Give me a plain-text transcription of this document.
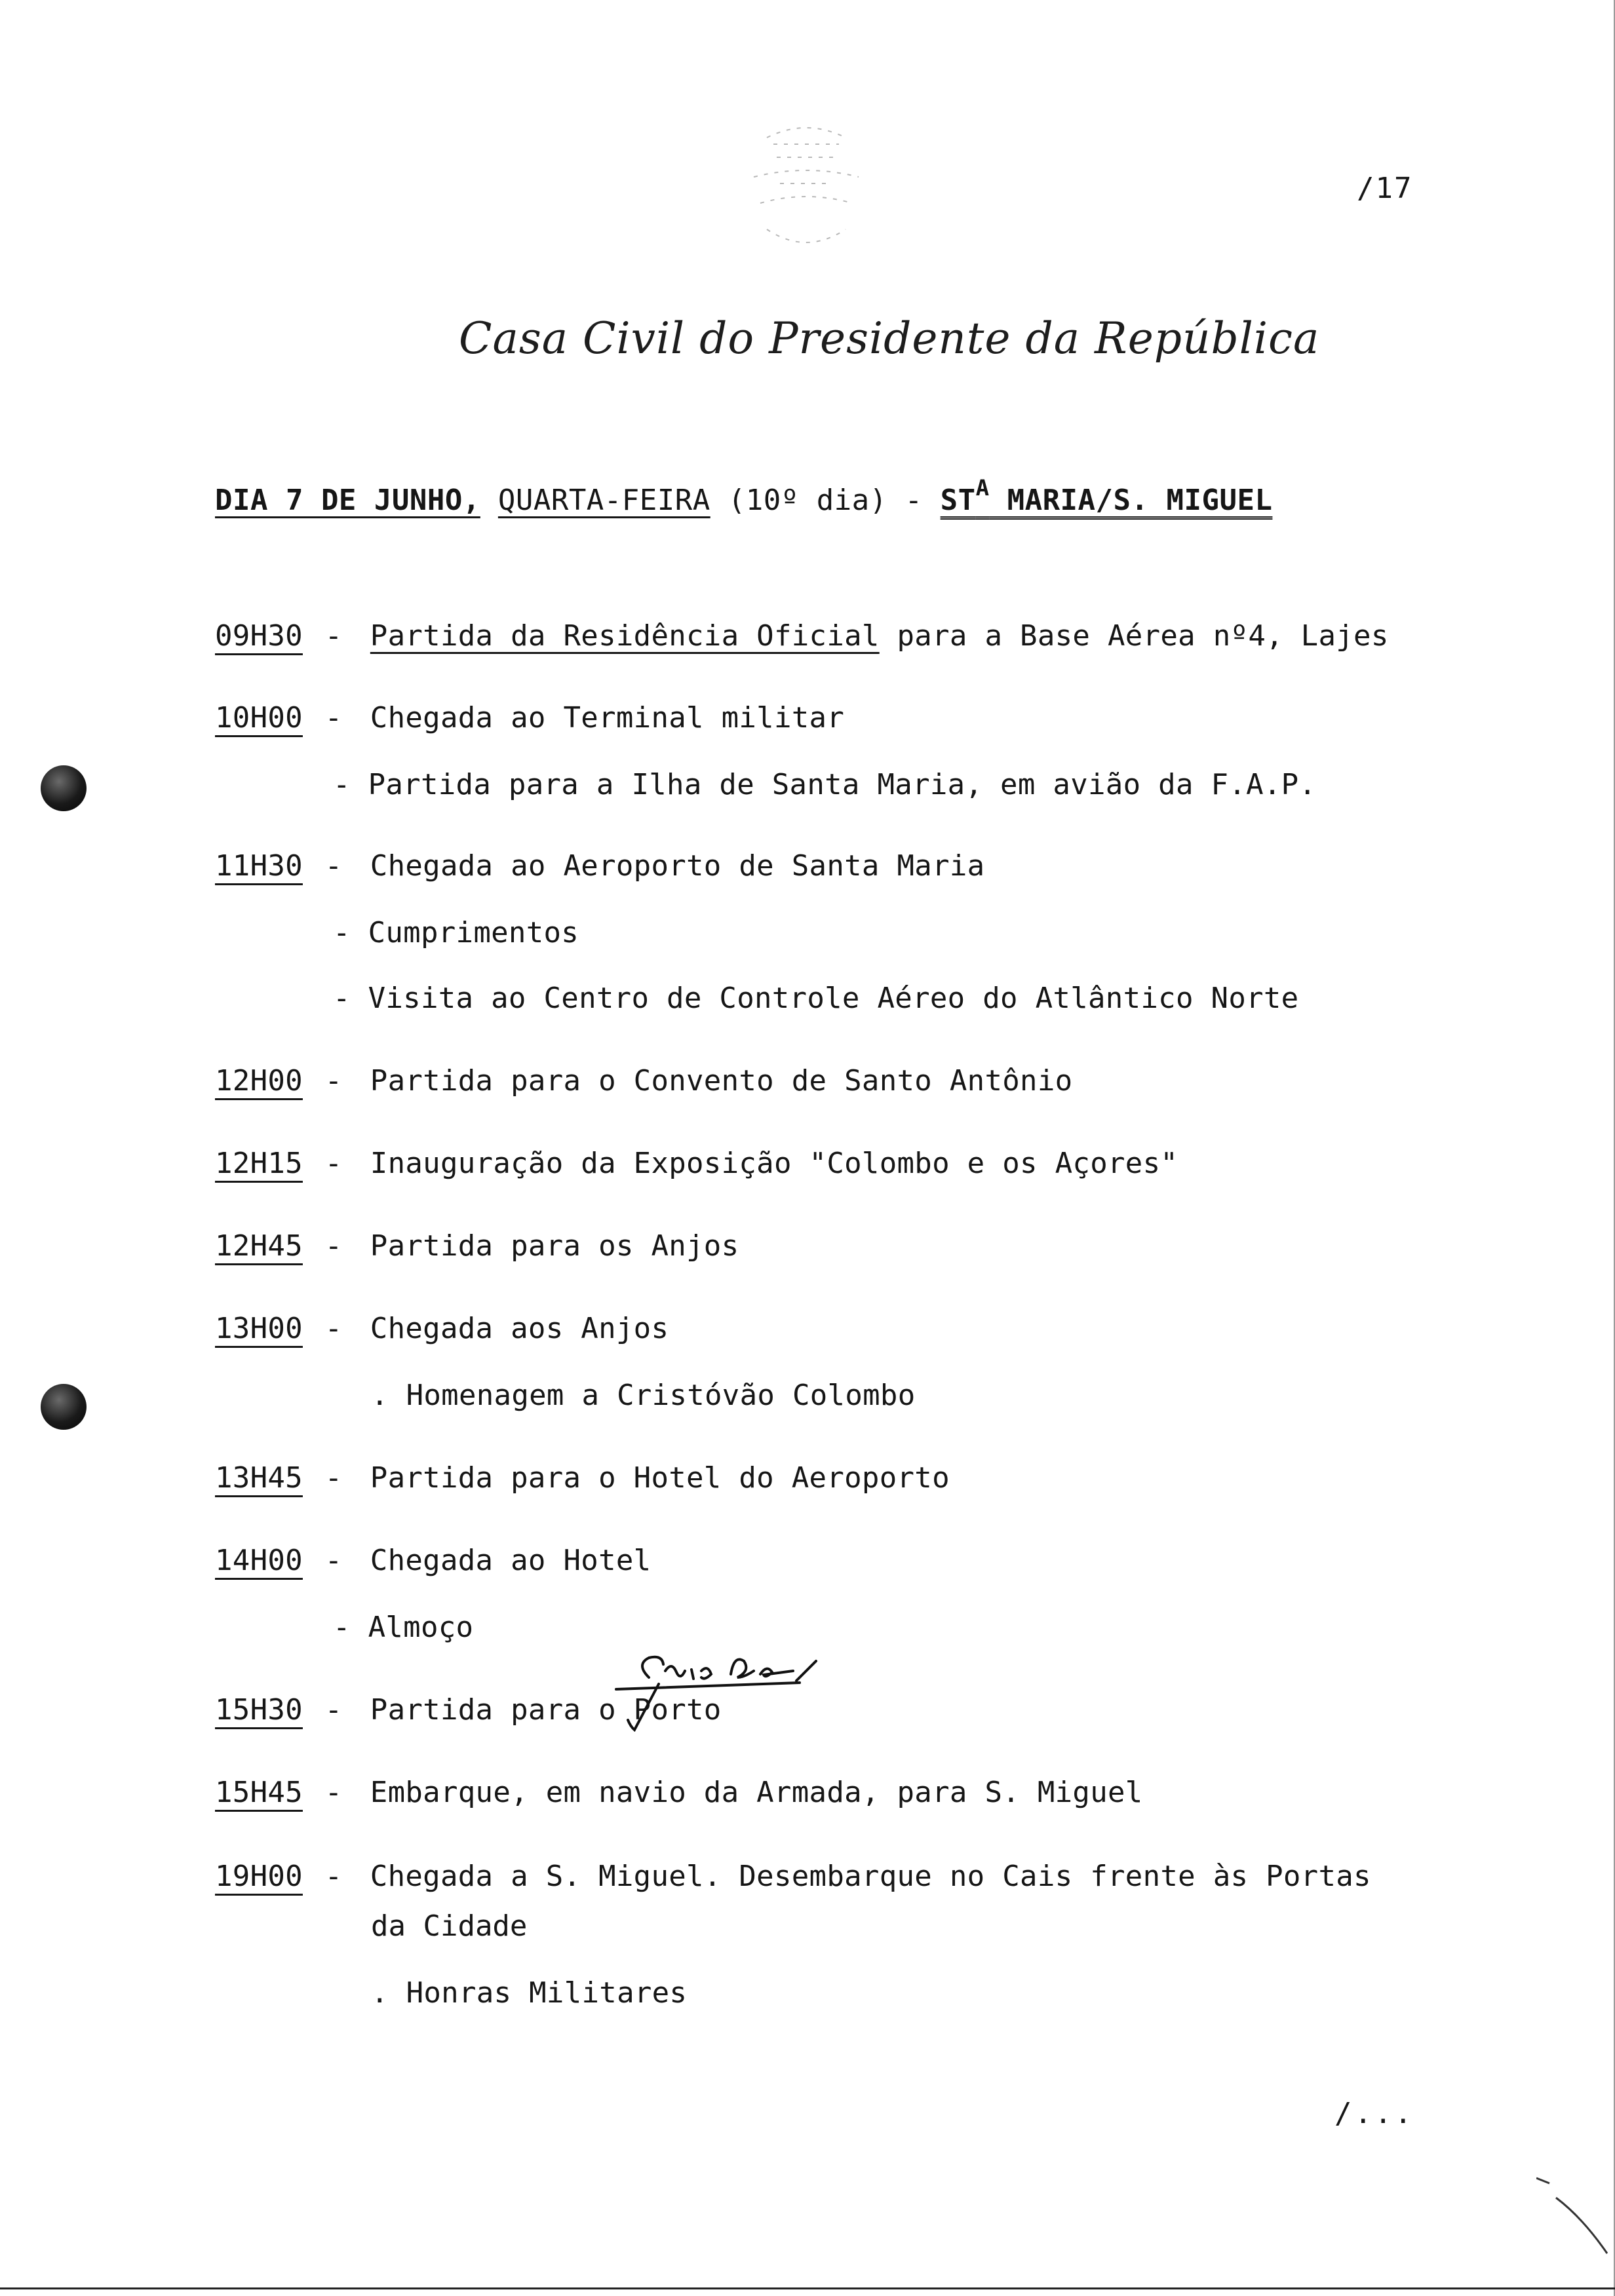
/17
Casa Civil do Presidente da República
DIA 7 DE JUNHO, QUARTA-FEIRA (10º $dia) - ST^A$ MARIA/S. MIGUEL
09H30 - Partida da Residência Oficial para a Base Aérea nº4, Lajes
10H00 - Chegada ao Terminal militar
- Partida para a Ilha de Santa Maria, em avião da F.A.P.
11H30 - Chegada ao Aeroporto de Santa Maria
- Cumprimentos
- Visita ao Centro de Controle Aéreo do Atlântico Norte
12H00 - Partida para o Convento de Santo Antônio
12H15 - Inauguração da Exposição "Colombo e os Açores"
12H45 - Partida para os Anjos
13H00 - Chegada aos Anjos
. Homenagem a Cristóvão Colombo
13H45 - Partida para o Hotel do Aeroporto
14H00 - Chegada ao Hotel
- Almoço
15H30 - Partida para o Porto
15H45 - Embarque, em navio da Armada, para S. Miguel
19H00 - Chegada a S. Miguel. Desembarque no Cais frente às Portas
da Cidade
. Honras Militares
/...
